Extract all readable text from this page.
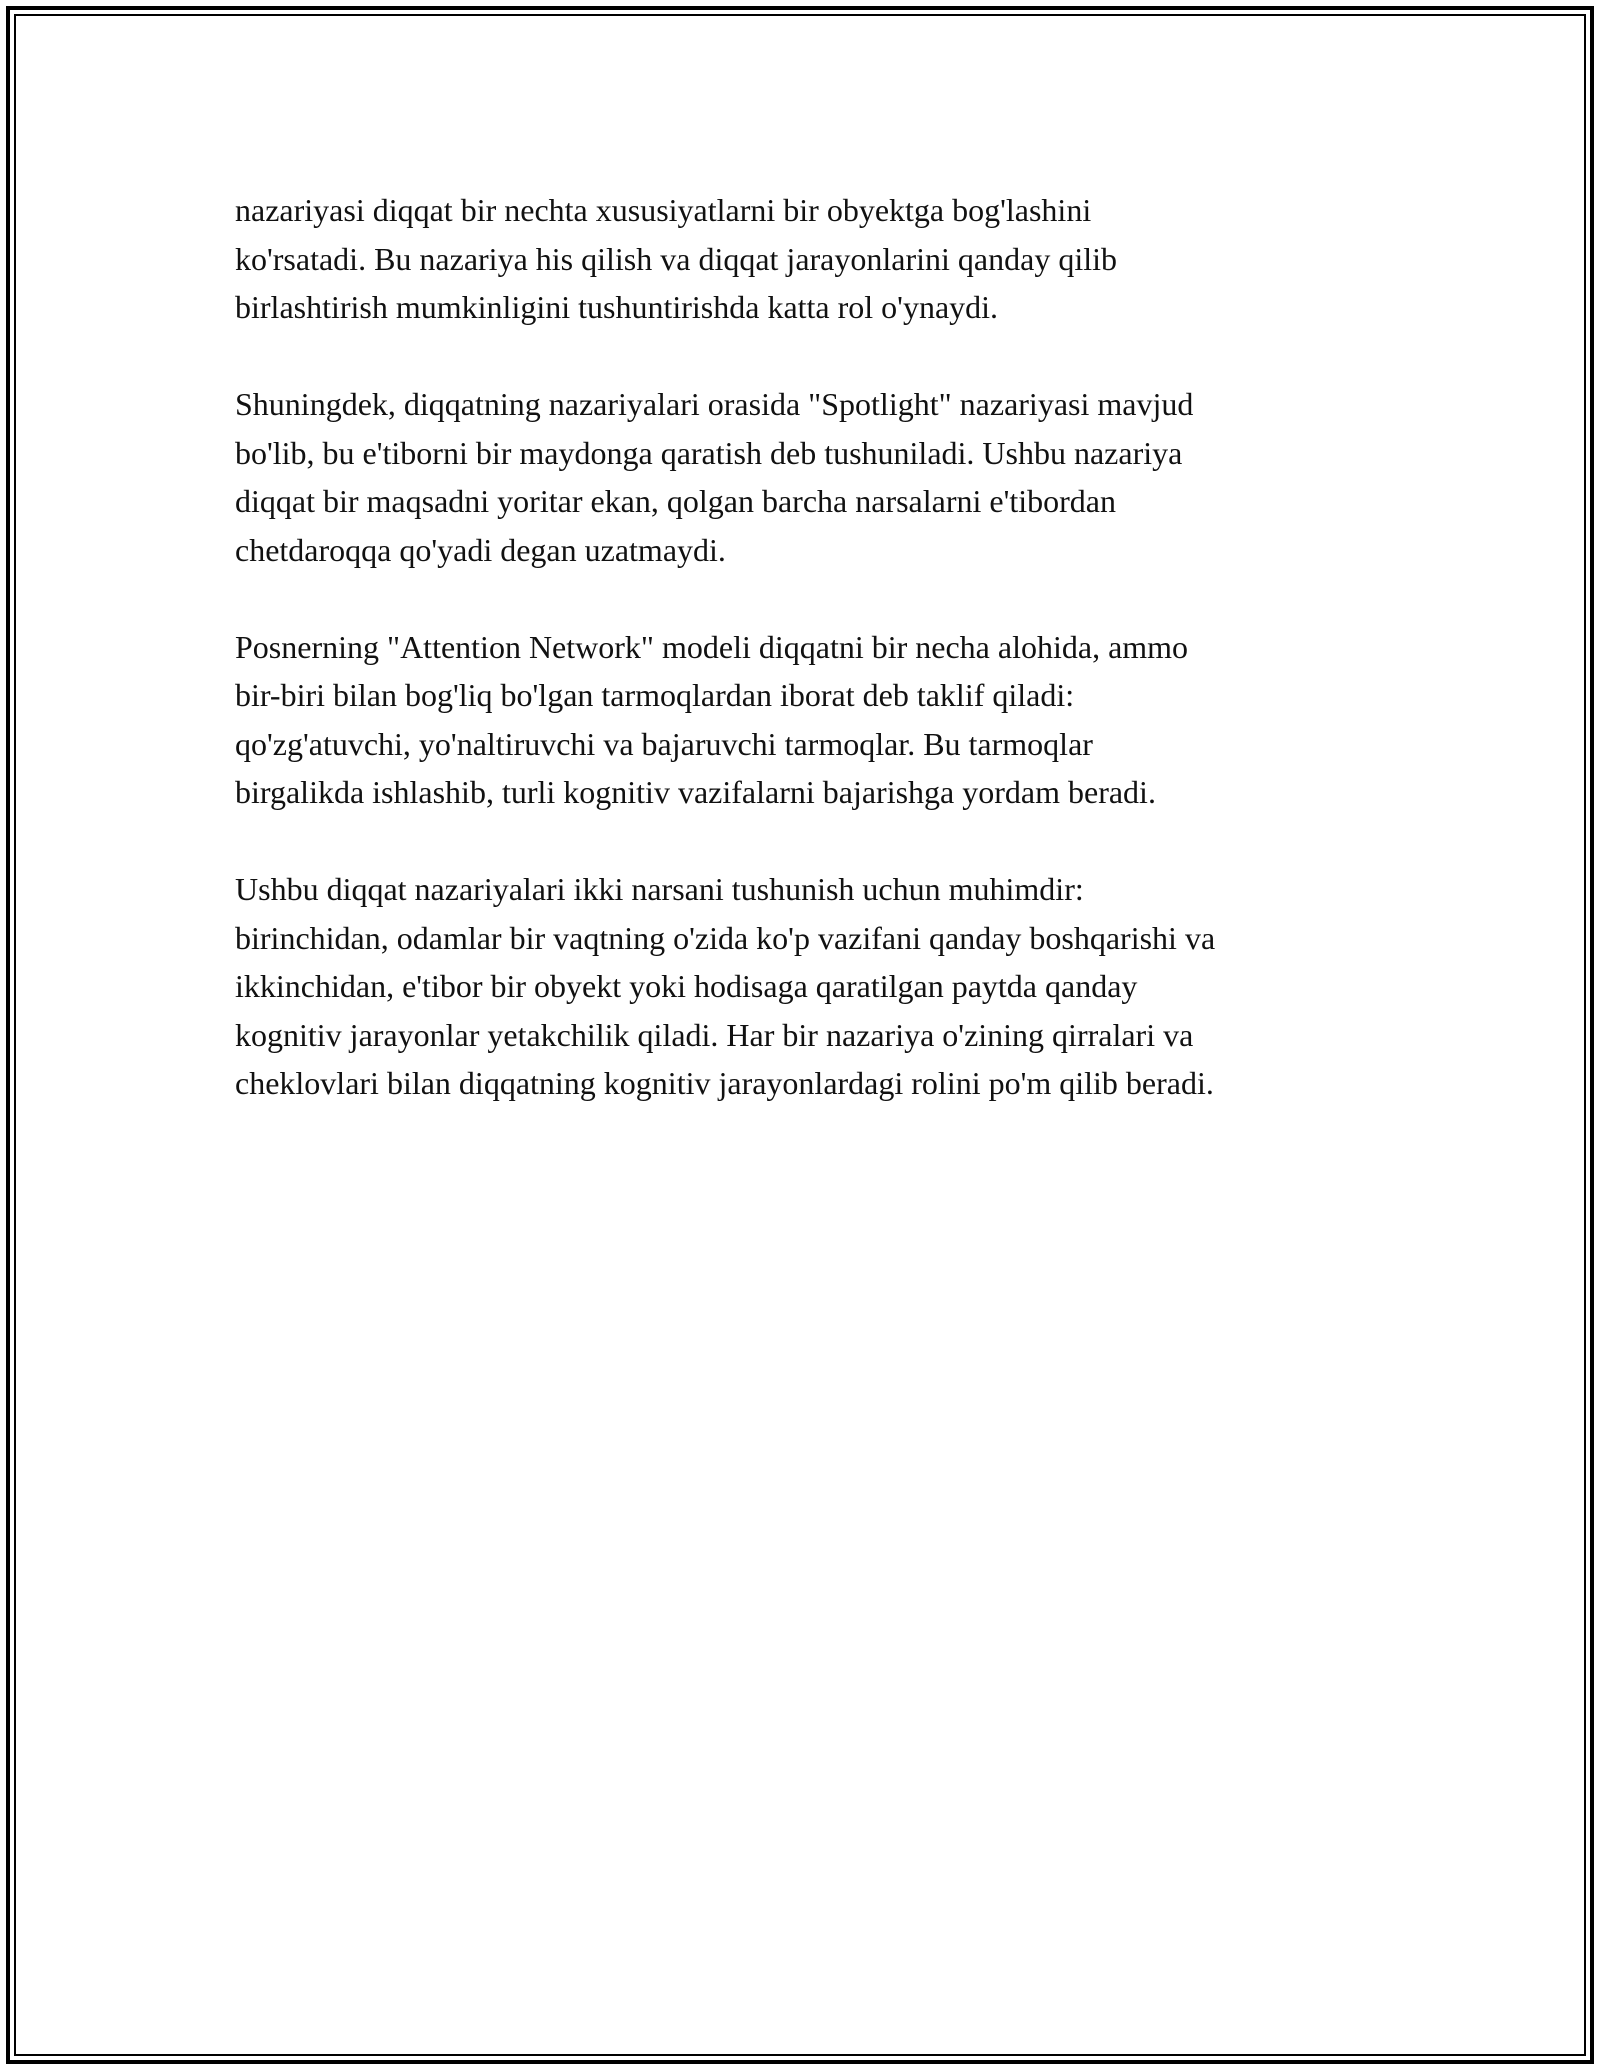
nazariyasi diqqat bir nechta xususiyatlarni bir obyektga bog'lashini
ko'rsatadi. Bu nazariya his qilish va diqqat jarayonlarini qanday qilib
birlashtirish mumkinligini tushuntirishda katta rol o'ynaydi.
Shuningdek, diqqatning nazariyalari orasida "Spotlight" nazariyasi mavjud
bo'lib, bu e'tiborni bir maydonga qaratish deb tushuniladi. Ushbu nazariya
diqqat bir maqsadni yoritar ekan, qolgan barcha narsalarni e'tibordan
chetdaroqqa qo'yadi degan uzatmaydi.
Posnerning "Attention Network" modeli diqqatni bir necha alohida, ammo
bir-biri bilan bog'liq bo'lgan tarmoqlardan iborat deb taklif qiladi:
qo'zg'atuvchi, yo'naltiruvchi va bajaruvchi tarmoqlar. Bu tarmoqlar
birgalikda ishlashib, turli kognitiv vazifalarni bajarishga yordam beradi.
Ushbu diqqat nazariyalari ikki narsani tushunish uchun muhimdir:
birinchidan, odamlar bir vaqtning o'zida ko'p vazifani qanday boshqarishi va
ikkinchidan, e'tibor bir obyekt yoki hodisaga qaratilgan paytda qanday
kognitiv jarayonlar yetakchilik qiladi. Har bir nazariya o'zining qirralari va
cheklovlari bilan diqqatning kognitiv jarayonlardagi rolini po'm qilib beradi.
